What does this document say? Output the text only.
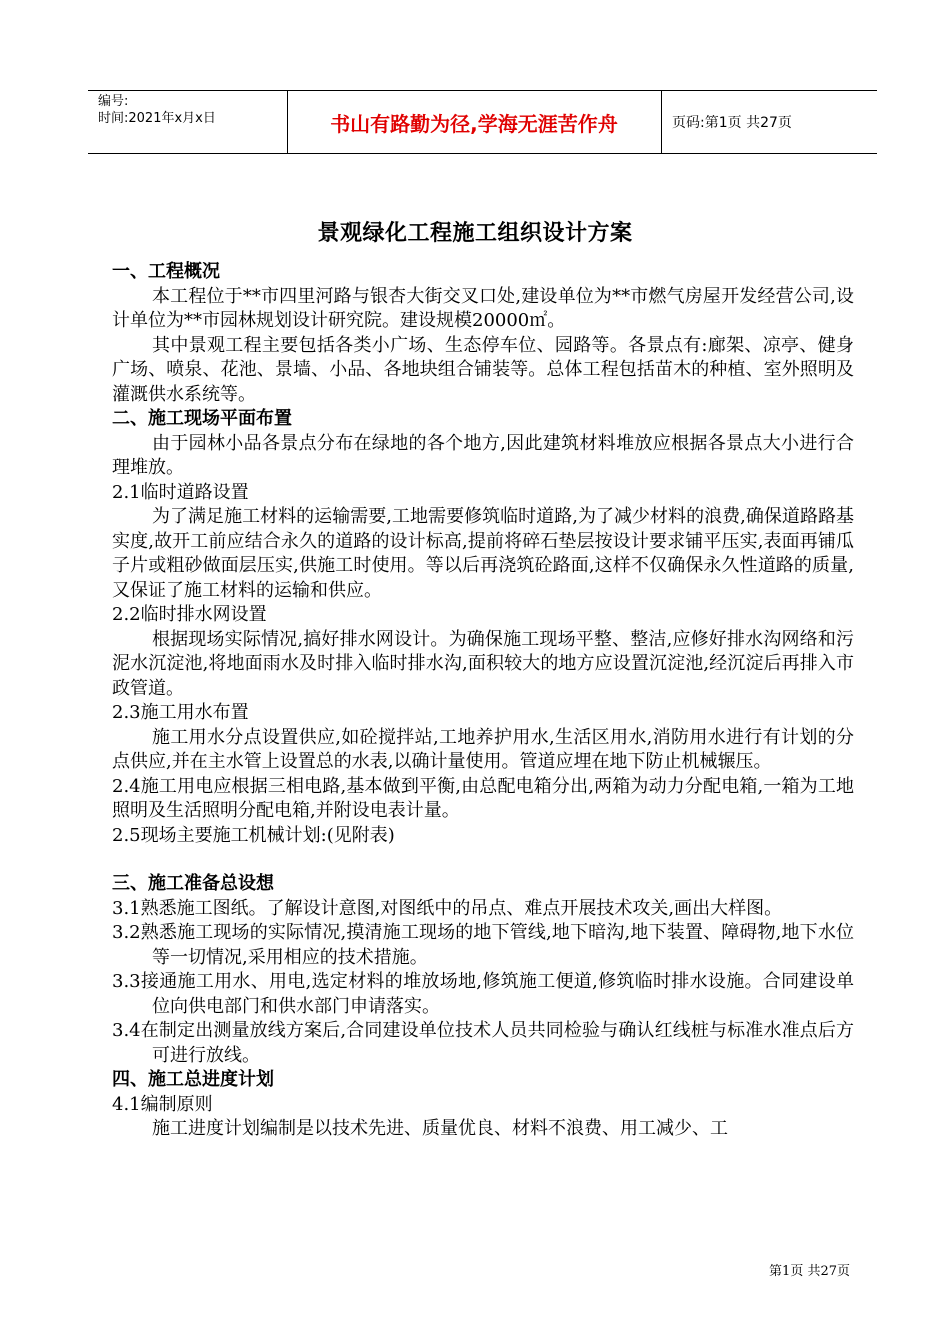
编号:
时间:2021年x月x日	书山有路勤为径,学海无涯苦作舟	页码:第1页 共27页
景观绿化工程施工组织设计方案

一、工程概况

本工程位于**市四里河路与银杏大街交叉口处,建设单位为**市燃气房屋开发经营公司,设计单位为**市园林规划设计研究院。建设规模20000㎡。

其中景观工程主要包括各类小广场、生态停车位、园路等。各景点有:廊架、凉亭、健身广场、喷泉、花池、景墙、小品、各地块组合铺装等。总体工程包括苗木的种植、室外照明及灌溉供水系统等。

二、施工现场平面布置

由于园林小品各景点分布在绿地的各个地方,因此建筑材料堆放应根据各景点大小进行合理堆放。

2.1临时道路设置

为了满足施工材料的运输需要,工地需要修筑临时道路,为了减少材料的浪费,确保道路路基实度,故开工前应结合永久的道路的设计标高,提前将碎石垫层按设计要求铺平压实,表面再铺瓜子片或粗砂做面层压实,供施工时使用。等以后再浇筑砼路面,这样不仅确保永久性道路的质量,又保证了施工材料的运输和供应。

2.2临时排水网设置

根据现场实际情况,搞好排水网设计。为确保施工现场平整、整洁,应修好排水沟网络和污泥水沉淀池,将地面雨水及时排入临时排水沟,面积较大的地方应设置沉淀池,经沉淀后再排入市政管道。

2.3施工用水布置

施工用水分点设置供应,如砼搅拌站,工地养护用水,生活区用水,消防用水进行有计划的分点供应,并在主水管上设置总的水表,以确计量使用。管道应埋在地下防止机械辗压。

2.4施工用电应根据三相电路,基本做到平衡,由总配电箱分出,两箱为动力分配电箱,一箱为工地照明及生活照明分配电箱,并附设电表计量。

2.5现场主要施工机械计划:(见附表)

三、施工准备总设想

3.1熟悉施工图纸。了解设计意图,对图纸中的吊点、难点开展技术攻关,画出大样图。

3.2熟悉施工现场的实际情况,摸清施工现场的地下管线,地下暗沟,地下装置、障碍物,地下水位等一切情况,采用相应的技术措施。

3.3接通施工用水、用电,选定材料的堆放场地,修筑施工便道,修筑临时排水设施。合同建设单位向供电部门和供水部门申请落实。

3.4在制定出测量放线方案后,合同建设单位技术人员共同检验与确认红线桩与标准水准点后方可进行放线。

四、施工总进度计划

4.1编制原则

施工进度计划编制是以技术先进、质量优良、材料不浪费、用工减少、工

第1页 共27页
